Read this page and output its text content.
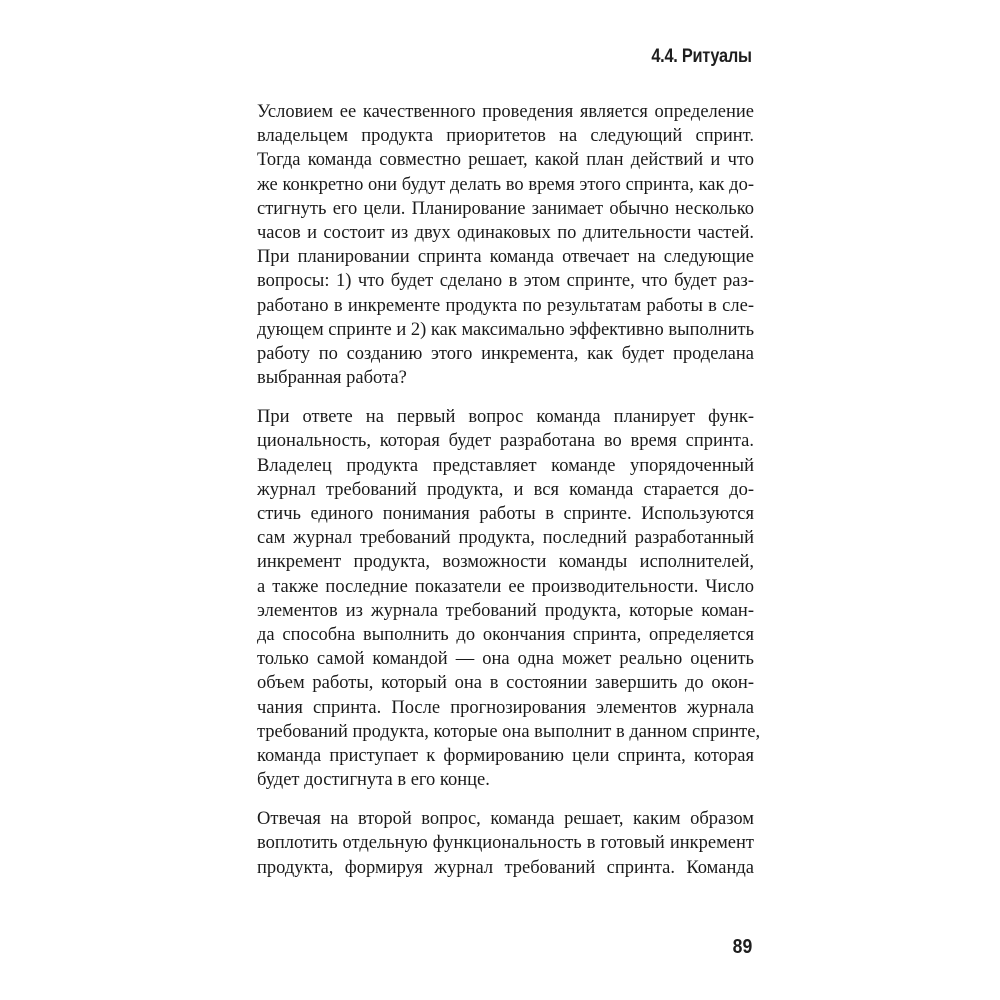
4.4. Ритуалы
Условием ее качественного проведения является определение
владельцем продукта приоритетов на следующий спринт.
Тогда команда совместно решает, какой план действий и что
же конкретно они будут делать во время этого спринта, как до-
стигнуть его цели. Планирование занимает обычно несколько
часов и состоит из двух одинаковых по длительности частей.
При планировании спринта команда отвечает на следующие
вопросы: 1) что будет сделано в этом спринте, что будет раз-
работано в инкременте продукта по результатам работы в сле-
дующем спринте и 2) как максимально эффективно выполнить
работу по созданию этого инкремента, как будет проделана
выбранная работа?
При ответе на первый вопрос команда планирует функ-
циональность, которая будет разработана во время спринта.
Владелец продукта представляет команде упорядоченный
журнал требований продукта, и вся команда старается до-
стичь единого понимания работы в спринте. Используются
сам журнал требований продукта, последний разработанный
инкремент продукта, возможности команды исполнителей,
а также последние показатели ее производительности. Число
элементов из журнала требований продукта, которые коман-
да способна выполнить до окончания спринта, определяется
только самой командой — она одна может реально оценить
объем работы, который она в состоянии завершить до окон-
чания спринта. После прогнозирования элементов журнала
требований продукта, которые она выполнит в данном спринте,
команда приступает к формированию цели спринта, которая
будет достигнута в его конце.
Отвечая на второй вопрос, команда решает, каким образом
воплотить отдельную функциональность в готовый инкремент
продукта, формируя журнал требований спринта. Команда
89
